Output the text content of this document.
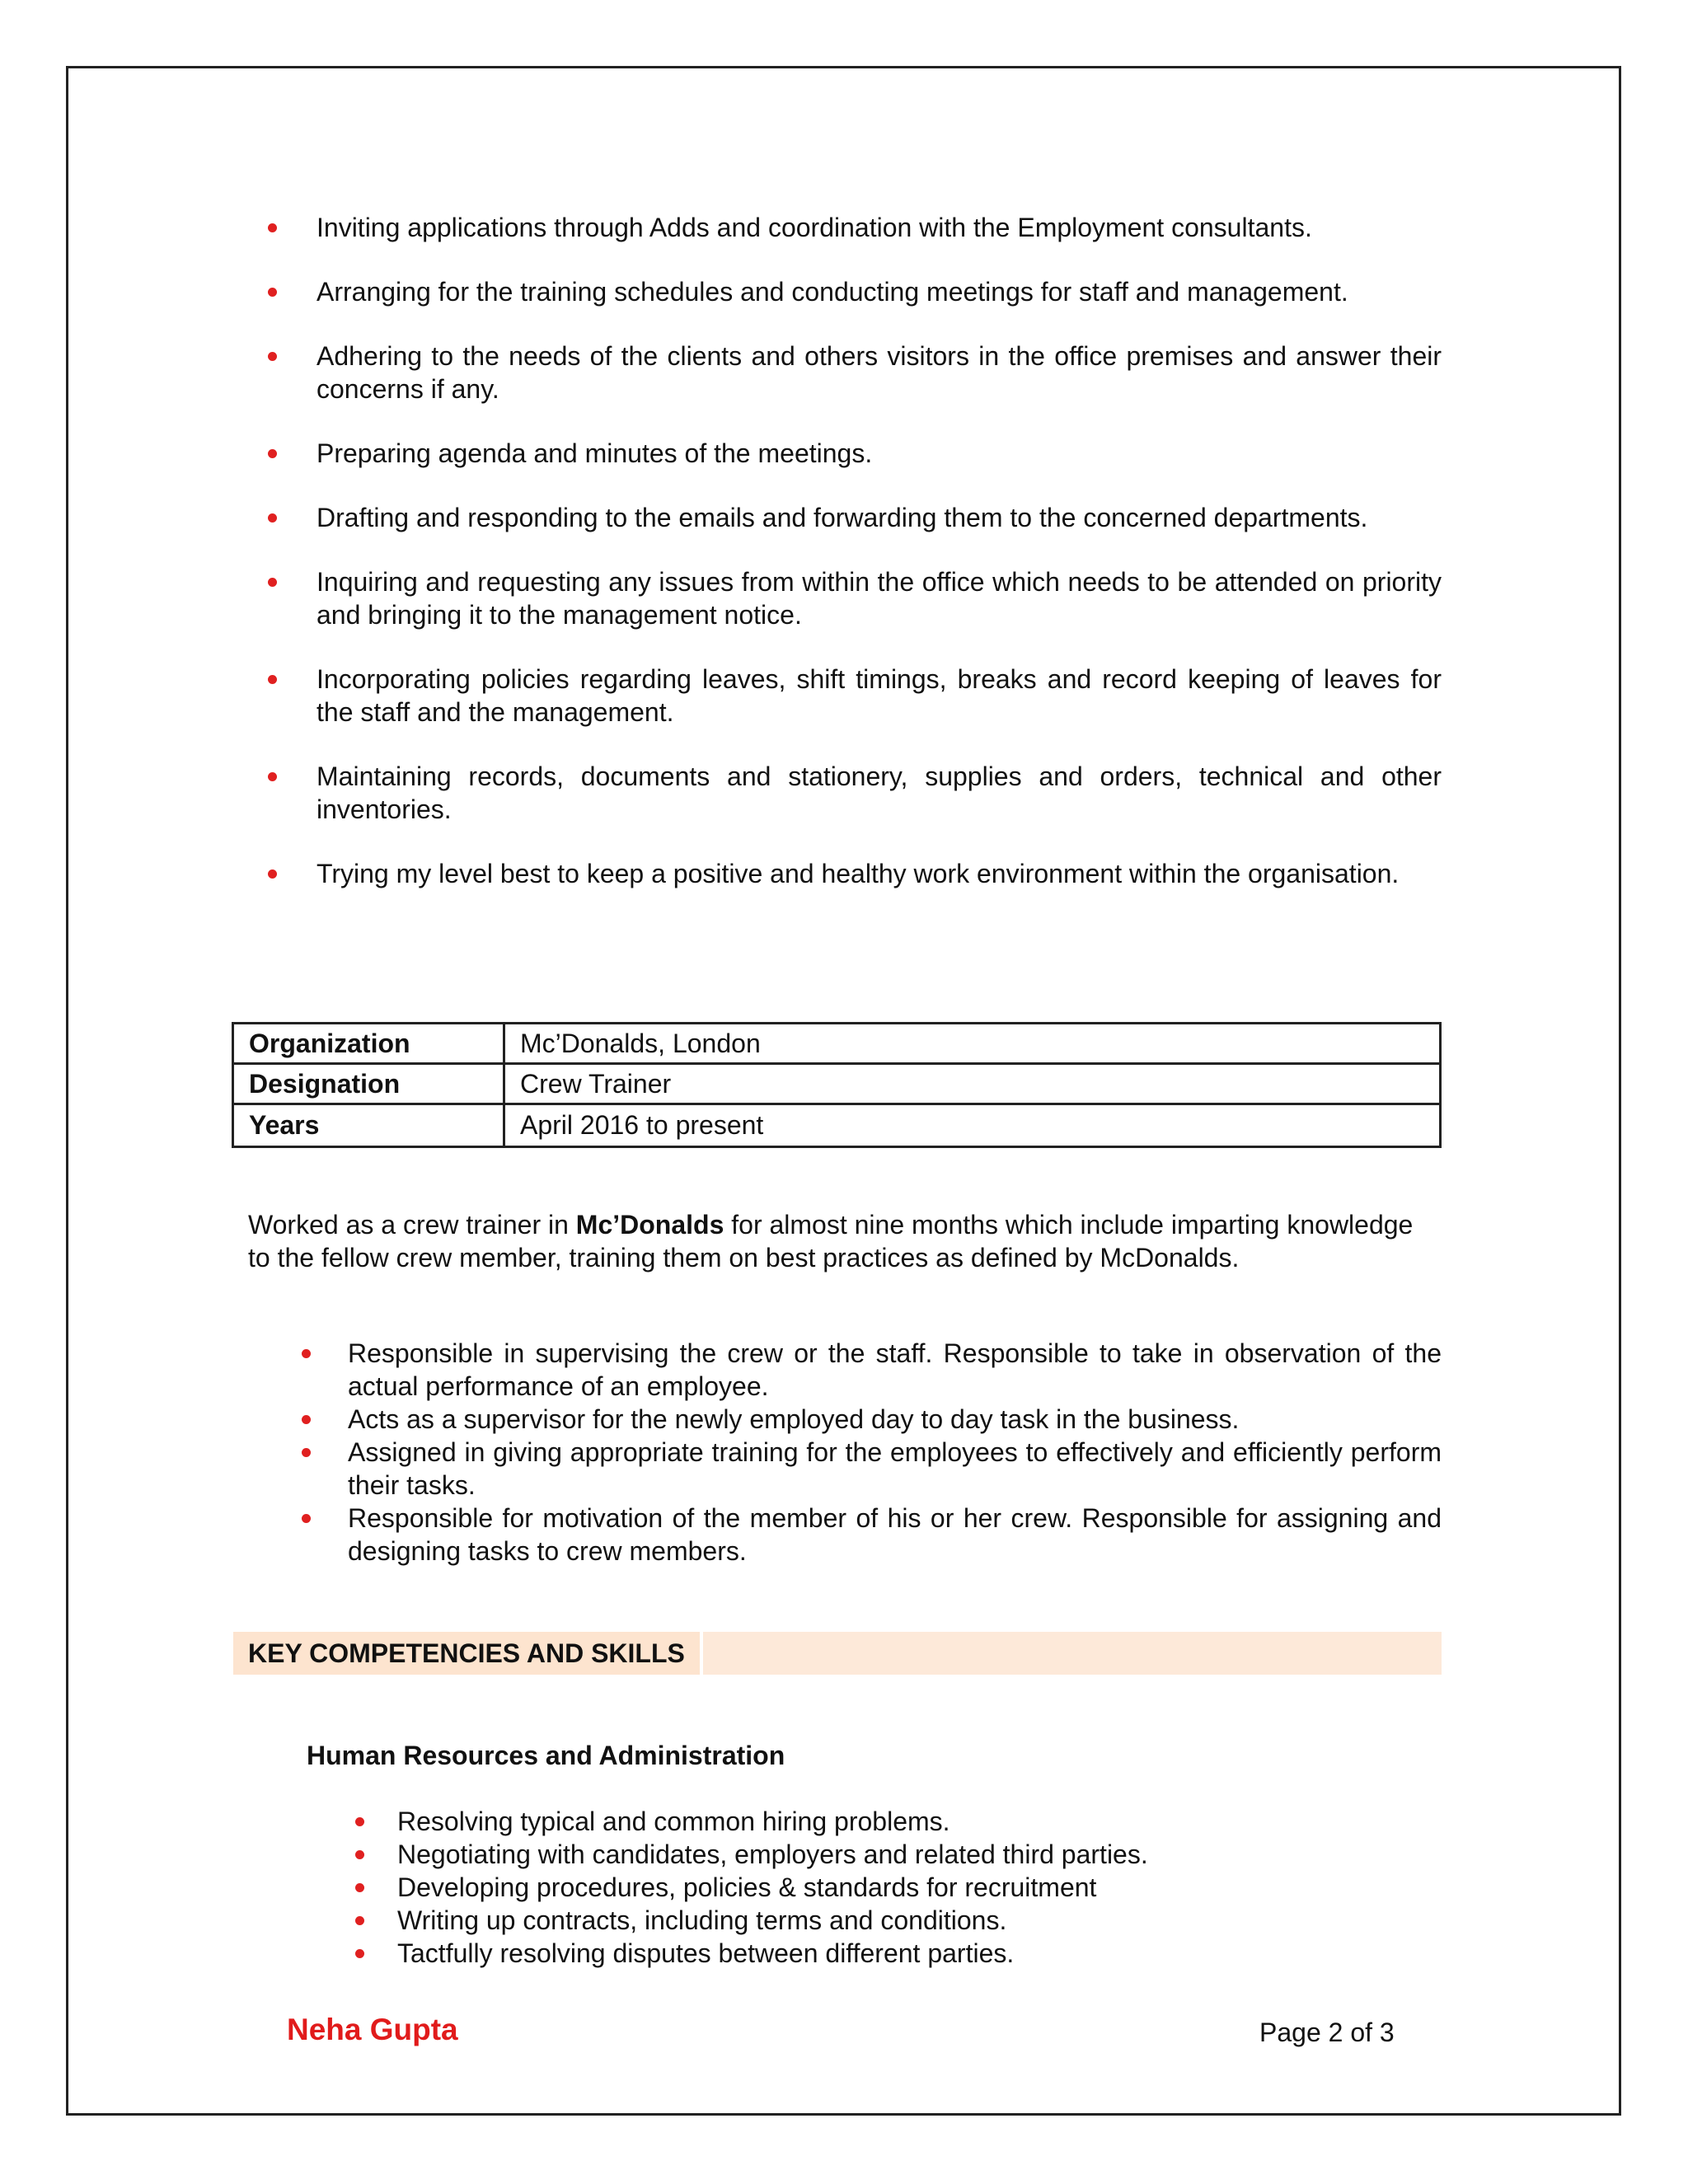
Inviting applications through Adds and coordination with the Employment consultants.
Arranging for the training schedules and conducting meetings for staff and management.
Adhering to the needs of the clients and others visitors in the office premises and answer their concerns if any.
Preparing agenda and minutes of the meetings.
Drafting and responding to the emails and forwarding them to the concerned departments.
Inquiring and requesting any issues from within the office which needs to be attended on priority and bringing it to the management notice.
Incorporating policies regarding leaves, shift timings, breaks and record keeping of leaves for the staff and the management.
Maintaining records, documents and stationery, supplies and orders, technical and other inventories.
Trying my level best to keep a positive and healthy work environment within the organisation.
Organization	Mc’Donalds, London
Designation	Crew Trainer
Years	April 2016 to present

Worked as a crew trainer in Mc’Donalds for almost nine months which include imparting knowledge to the fellow crew member, training them on best practices as defined by McDonalds.

Responsible in supervising the crew or the staff. Responsible to take in observation of the actual performance of an employee.
Acts as a supervisor for the newly employed day to day task in the business.
Assigned in giving appropriate training for the employees to effectively and efficiently perform their tasks.
Responsible for motivation of the member of his or her crew. Responsible for assigning and designing tasks to crew members.
KEY COMPETENCIES AND SKILLS
Human Resources and Administration
Resolving typical and common hiring problems.
Negotiating with candidates, employers and related third parties.
Developing procedures, policies & standards for recruitment
Writing up contracts, including terms and conditions.
Tactfully resolving disputes between different parties.
Neha Gupta	Page 2 of 3
